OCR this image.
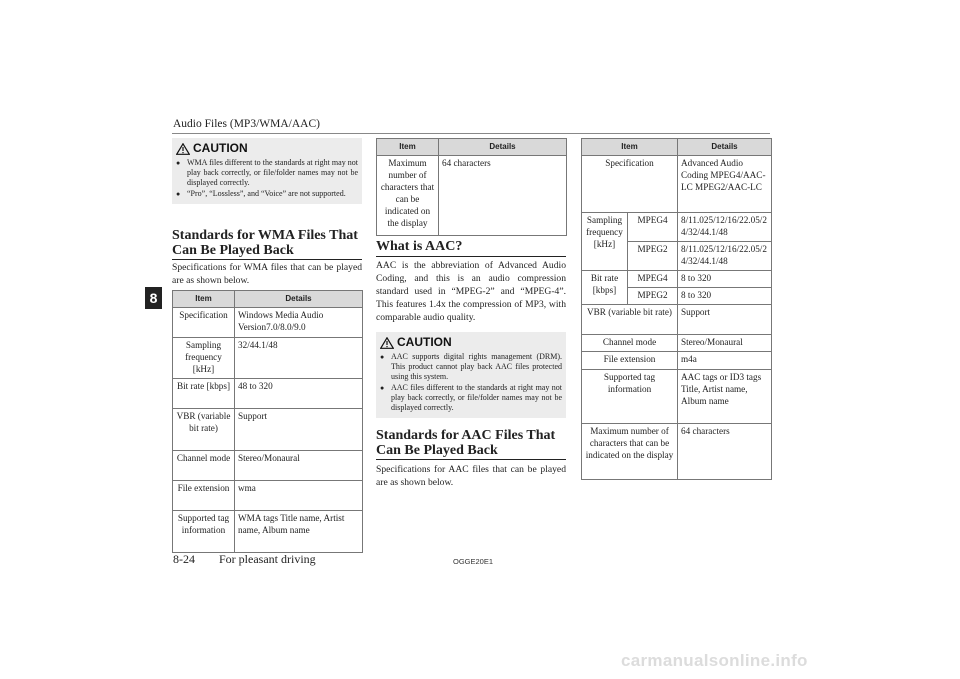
Audio Files (MP3/WMA/AAC)
8
CAUTION
● WMA files different to the standards at right may not play back correctly, or file/folder names may not be displayed correctly.
● “Pro”, “Lossless”, and “Voice” are not supported.
Standards for WMA Files That Can Be Played Back
Specifications for WMA files that can be played are as shown below.
Item	Details
Specification	Windows Media Audio Version7.0/8.0/9.0
Sampling frequency [kHz]	32/44.1/48
Bit rate [kbps]	48 to 320
VBR (variable bit rate)	Support
Channel mode	Stereo/Monaural
File extension	wma
Supported tag information	WMA tags Title name, Artist name, Album name
Item	Details
Maximum number of characters that can be indicated on the display	64 characters
What is AAC?
AAC is the abbreviation of Advanced Audio Coding, and this is an audio compression standard used in “MPEG-2” and “MPEG-4”. This features 1.4x the compression of MP3, with comparable audio quality.
CAUTION
● AAC supports digital rights management (DRM). This product cannot play back AAC files protected using this system.
● AAC files different to the standards at right may not play back correctly, or file/folder names may not be displayed correctly.
Standards for AAC Files That Can Be Played Back
Specifications for AAC files that can be played are as shown below.
Item		Details
Specification		Advanced Audio Coding MPEG4/AAC-LC MPEG2/AAC-LC
Sampling frequency [kHz]	MPEG4	8/11.025/12/16/22.05/24/32/44.1/48
	MPEG2	8/11.025/12/16/22.05/24/32/44.1/48
Bit rate [kbps]	MPEG4	8 to 320
	MPEG2	8 to 320
VBR (variable bit rate)		Support
Channel mode		Stereo/Monaural
File extension		m4a
Supported tag information		AAC tags or ID3 tags Title, Artist name, Album name
Maximum number of characters that can be indicated on the display		64 characters
8-24 For pleasant driving	OGGE20E1
carmanualsonline.info
